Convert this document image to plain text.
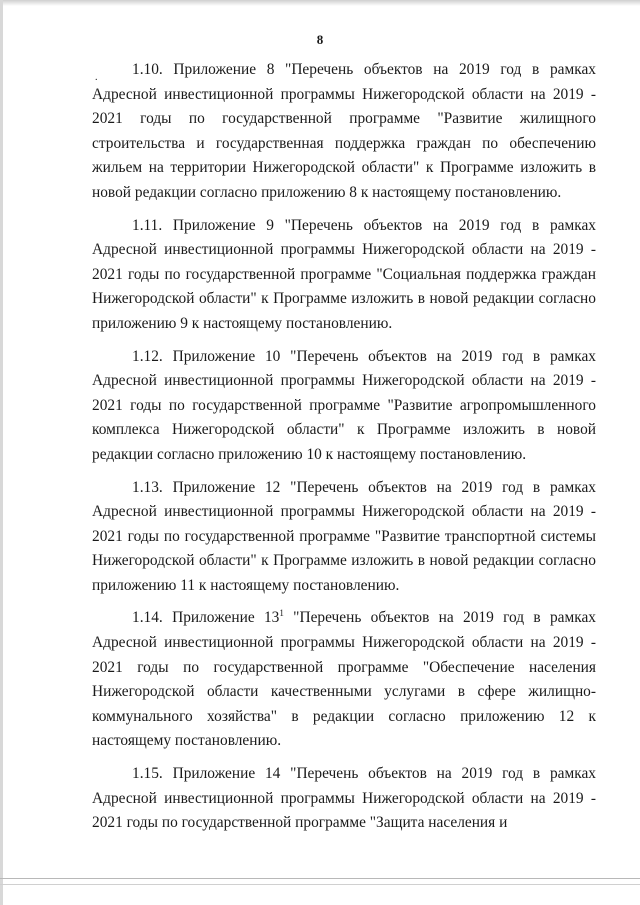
8
.	1.10. Приложение 8 "Перечень объектов на 2019 год в рамках Адресной инвестиционной программы Нижегородской области на 2019 - 2021 годы по государственной программе "Развитие жилищного строительства и государственная поддержка граждан по обеспечению жильем на территории Нижегородской области" к Программе изложить в новой редакции согласно приложению 8 к настоящему постановлению.

1.11. Приложение 9 "Перечень объектов на 2019 год в рамках Адресной инвестиционной программы Нижегородской области на 2019 - 2021 годы по государственной программе "Социальная поддержка граждан Нижегородской области" к Программе изложить в новой редакции согласно приложению 9 к настоящему постановлению.

1.12. Приложение 10 "Перечень объектов на 2019 год в рамках Адресной инвестиционной программы Нижегородской области на 2019 - 2021 годы по государственной программе "Развитие агропромышленного комплекса Нижегородской области" к Программе изложить в новой редакции согласно приложению 10 к настоящему постановлению.

1.13. Приложение 12 "Перечень объектов на 2019 год в рамках Адресной инвестиционной программы Нижегородской области на 2019 - 2021 годы по государственной программе "Развитие транспортной системы Нижегородской области" к Программе изложить в новой редакции согласно приложению 11 к настоящему постановлению.

1.14. Приложение $13^1$ "Перечень объектов на 2019 год в рамках Адресной инвестиционной программы Нижегородской области на 2019 - 2021 годы по государственной программе "Обеспечение населения Нижегородской области качественными услугами в сфере жилищно-коммунального хозяйства" в редакции согласно приложению 12 к настоящему постановлению.

1.15. Приложение 14 "Перечень объектов на 2019 год в рамках Адресной инвестиционной программы Нижегородской области на 2019 - 2021 годы по государственной программе "Защита населения и
